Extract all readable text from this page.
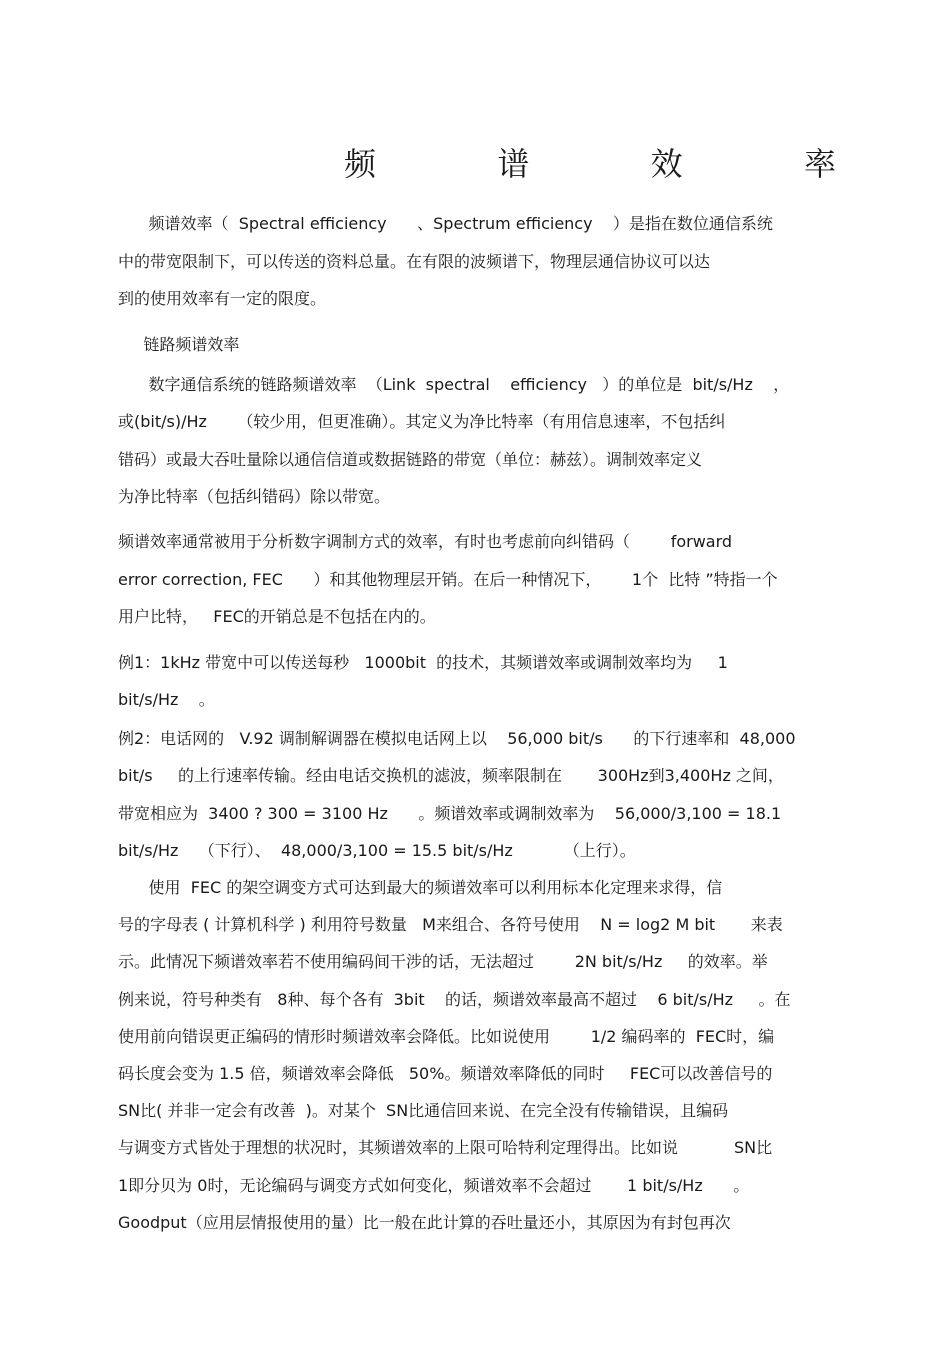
频	谱	效	率
频谱效率（  Spectral efficiency      、Spectrum efficiency    ）是指在数位通信系统
中的带宽限制下，可以传送的资料总量。在有限的波频谱下，物理层通信协议可以达
到的使用效率有一定的限度。
链路频谱效率
数字通信系统的链路频谱效率  （Link  spectral    efficiency   ）的单位是  bit/s/Hz    ，
或(bit/s)/Hz      （较少用，但更准确）。其定义为净比特率（有用信息速率，不包括纠
错码）或最大吞吐量除以通信信道或数据链路的带宽（单位：赫兹）。调制效率定义
为净比特率（包括纠错码）除以带宽。
频谱效率通常被用于分析数字调制方式的效率，有时也考虑前向纠错码（        forward
error correction, FEC      ）和其他物理层开销。在后一种情况下，      1个  比特 ”特指一个
用户比特，   FEC的开销总是不包括在内的。
例1：1kHz 带宽中可以传送每秒   1000bit  的技术，其频谱效率或调制效率均为     1
bit/s/Hz    。
例2：电话网的   V.92 调制解调器在模拟电话网上以    56,000 bit/s      的下行速率和  48,000
bit/s     的上行速率传输。经由电话交换机的滤波，频率限制在       300Hz到3,400Hz 之间，
带宽相应为  3400 ? 300 = 3100 Hz      。频谱效率或调制效率为    56,000/3,100 = 18.1
bit/s/Hz    （下行）、  48,000/3,100 = 15.5 bit/s/Hz          （上行）。
使用  FEC 的架空调变方式可达到最大的频谱效率可以利用标本化定理来求得，信
号的字母表 ( 计算机科学 ) 利用符号数量   M来组合、各符号使用    N = log2 M bit       来表
示。此情况下频谱效率若不使用编码间干涉的话，无法超过        2N bit/s/Hz     的效率。举
例来说，符号种类有   8种、每个各有  3bit    的话，频谱效率最高不超过    6 bit/s/Hz     。在
使用前向错误更正编码的情形时频谱效率会降低。比如说使用        1/2 编码率的  FEC时，编
码长度会变为 1.5 倍，频谱效率会降低   50%。频谱效率降低的同时     FEC可以改善信号的
SN比( 并非一定会有改善  )。对某个  SN比通信回来说、在完全没有传输错误，且编码
与调变方式皆处于理想的状况时，其频谱效率的上限可哈特利定理得出。比如说           SN比
1即分贝为 0时，无论编码与调变方式如何变化，频谱效率不会超过       1 bit/s/Hz      。
Goodput（应用层情报使用的量）比一般在此计算的吞吐量还小，其原因为有封包再次
